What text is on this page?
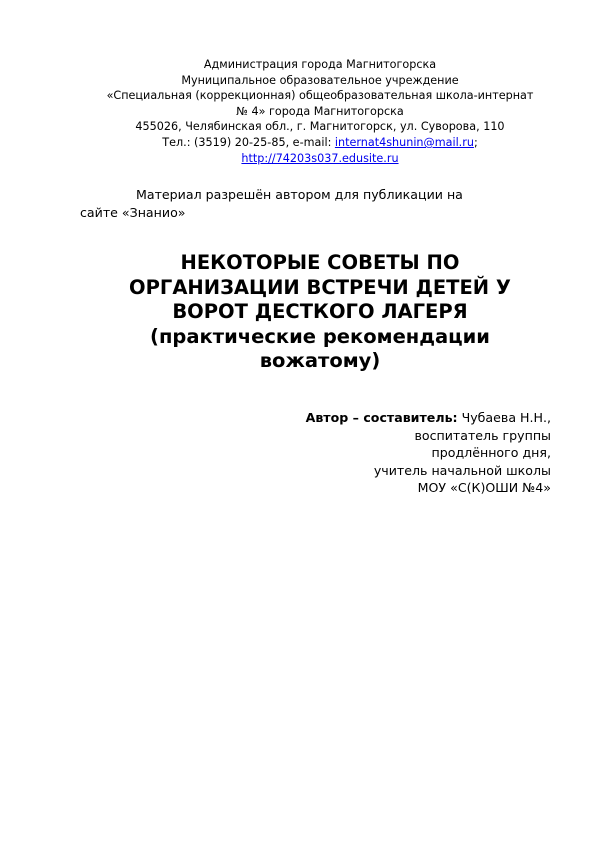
Администрация города Магнитогорска
Муниципальное образовательное учреждение
«Специальная (коррекционная) общеобразовательная школа-интернат
№ 4» города Магнитогорска
455026, Челябинская обл., г. Магнитогорск, ул. Суворова, 110
Тел.: (3519) 20-25-85, e-mail: internat4shunin@mail.ru;
http://74203s037.edusite.ru
Материал разрешён автором для публикации на
сайте «Знанио»
НЕКОТОРЫЕ СОВЕТЫ ПО
ОРГАНИЗАЦИИ ВСТРЕЧИ ДЕТЕЙ У
ВОРОТ ДЕСТКОГО ЛАГЕРЯ
(практические рекомендации
вожатому)
Автор – составитель: Чубаева Н.Н.,
воспитатель группы
продлённого дня,
учитель начальной школы
МОУ «С(К)ОШИ №4»
